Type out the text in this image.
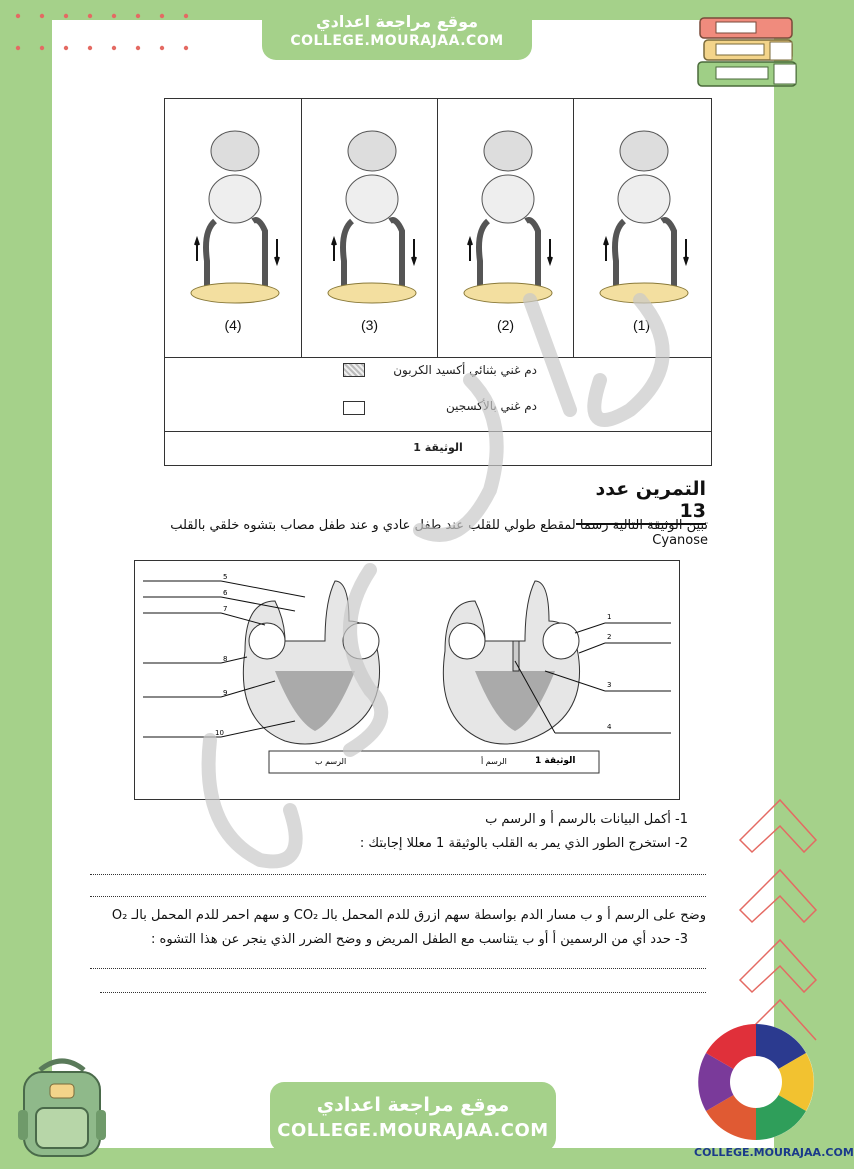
موقع مراجعة اعدادي
COLLEGE.MOURAJAA.COM
(4)	(3)	(2)	(1)
دم غني بثنائي أكسيد الكربون
دم غني بالأكسجين
الوثيقة 1
التمرين عدد 13
تبين الوثيقة التالية رسما لمقطع طولي للقلب عند طفل عادي و عند طفل مصاب بتشوه خلقي بالقلب Cyanose
5
6
7
8
9
10
1
2
3
4
الوثيقة 1
الرسم ب	الرسم أ
1- أكمل البيانات بالرسم أ و الرسم ب
2- استخرج الطور الذي يمر به القلب بالوثيقة 1 معللا إجابتك :
وضح على الرسم أ و ب مسار الدم بواسطة سهم ازرق للدم المحمل بالـ CO₂ و سهم احمر للدم المحمل بالـ O₂
3- حدد أي من الرسمين أ أو ب يتناسب مع الطفل المريض و وضح الضرر الذي ينجر عن هذا التشوه :
موقع مراجعة اعدادي
COLLEGE.MOURAJAA.COM
COLLEGE.MOURAJAA.COM
